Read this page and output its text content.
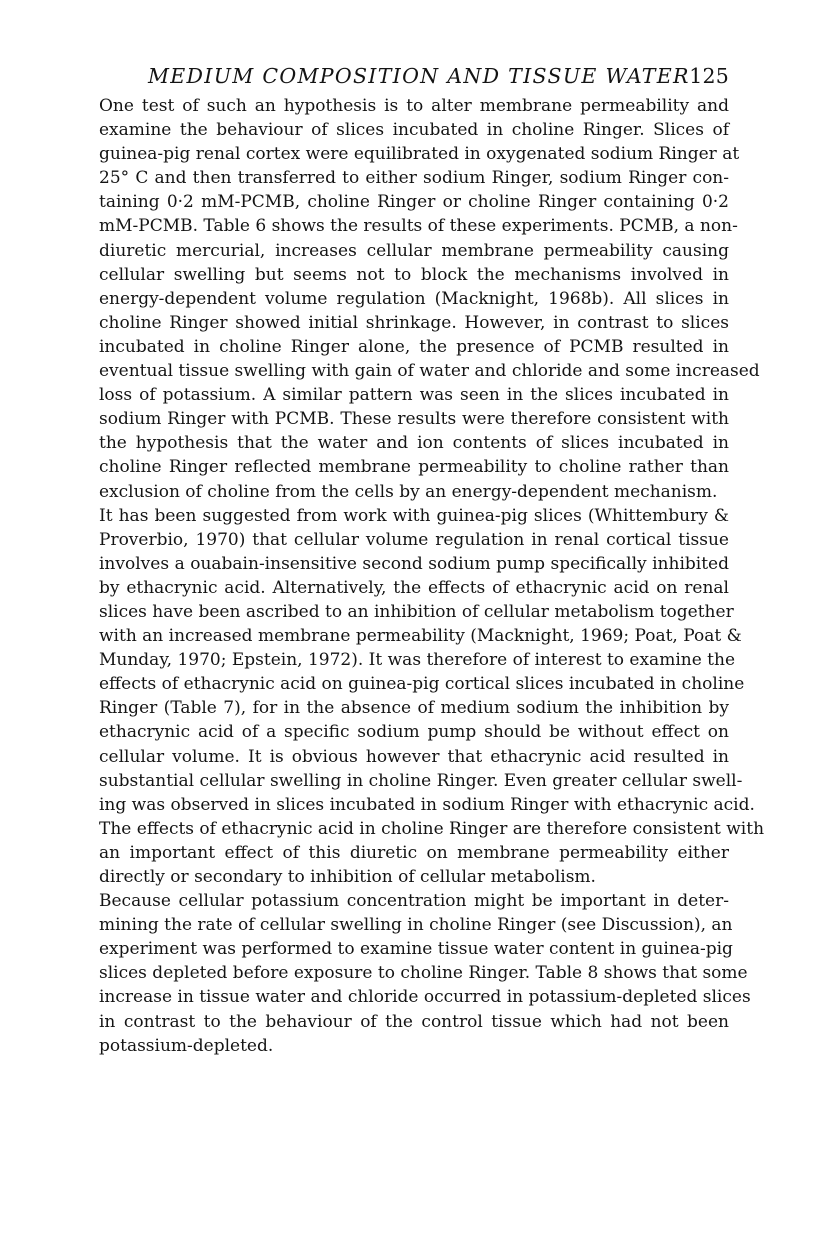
MEDIUM COMPOSITION AND TISSUE WATER 125

One test of such an hypothesis is to alter membrane permeability and
examine the behaviour of slices incubated in choline Ringer. Slices of
guinea-pig renal cortex were equilibrated in oxygenated sodium Ringer at
25° C and then transferred to either sodium Ringer, sodium Ringer con-
taining 0·2 mM-PCMB, choline Ringer or choline Ringer containing 0·2
mM-PCMB. Table 6 shows the results of these experiments. PCMB, a non-
diuretic mercurial, increases cellular membrane permeability causing
cellular swelling but seems not to block the mechanisms involved in
energy-dependent volume regulation (Macknight, 1968b). All slices in
choline Ringer showed initial shrinkage. However, in contrast to slices
incubated in choline Ringer alone, the presence of PCMB resulted in
eventual tissue swelling with gain of water and chloride and some increased
loss of potassium. A similar pattern was seen in the slices incubated in
sodium Ringer with PCMB. These results were therefore consistent with
the hypothesis that the water and ion contents of slices incubated in
choline Ringer reflected membrane permeability to choline rather than
exclusion of choline from the cells by an energy-dependent mechanism.

It has been suggested from work with guinea-pig slices (Whittembury &
Proverbio, 1970) that cellular volume regulation in renal cortical tissue
involves a ouabain-insensitive second sodium pump specifically inhibited
by ethacrynic acid. Alternatively, the effects of ethacrynic acid on renal
slices have been ascribed to an inhibition of cellular metabolism together
with an increased membrane permeability (Macknight, 1969; Poat, Poat &
Munday, 1970; Epstein, 1972). It was therefore of interest to examine the
effects of ethacrynic acid on guinea-pig cortical slices incubated in choline
Ringer (Table 7), for in the absence of medium sodium the inhibition by
ethacrynic acid of a specific sodium pump should be without effect on
cellular volume. It is obvious however that ethacrynic acid resulted in
substantial cellular swelling in choline Ringer. Even greater cellular swell-
ing was observed in slices incubated in sodium Ringer with ethacrynic acid.
The effects of ethacrynic acid in choline Ringer are therefore consistent with
an important effect of this diuretic on membrane permeability either
directly or secondary to inhibition of cellular metabolism.

Because cellular potassium concentration might be important in deter-
mining the rate of cellular swelling in choline Ringer (see Discussion), an
experiment was performed to examine tissue water content in guinea-pig
slices depleted before exposure to choline Ringer. Table 8 shows that some
increase in tissue water and chloride occurred in potassium-depleted slices
in contrast to the behaviour of the control tissue which had not been
potassium-depleted.
